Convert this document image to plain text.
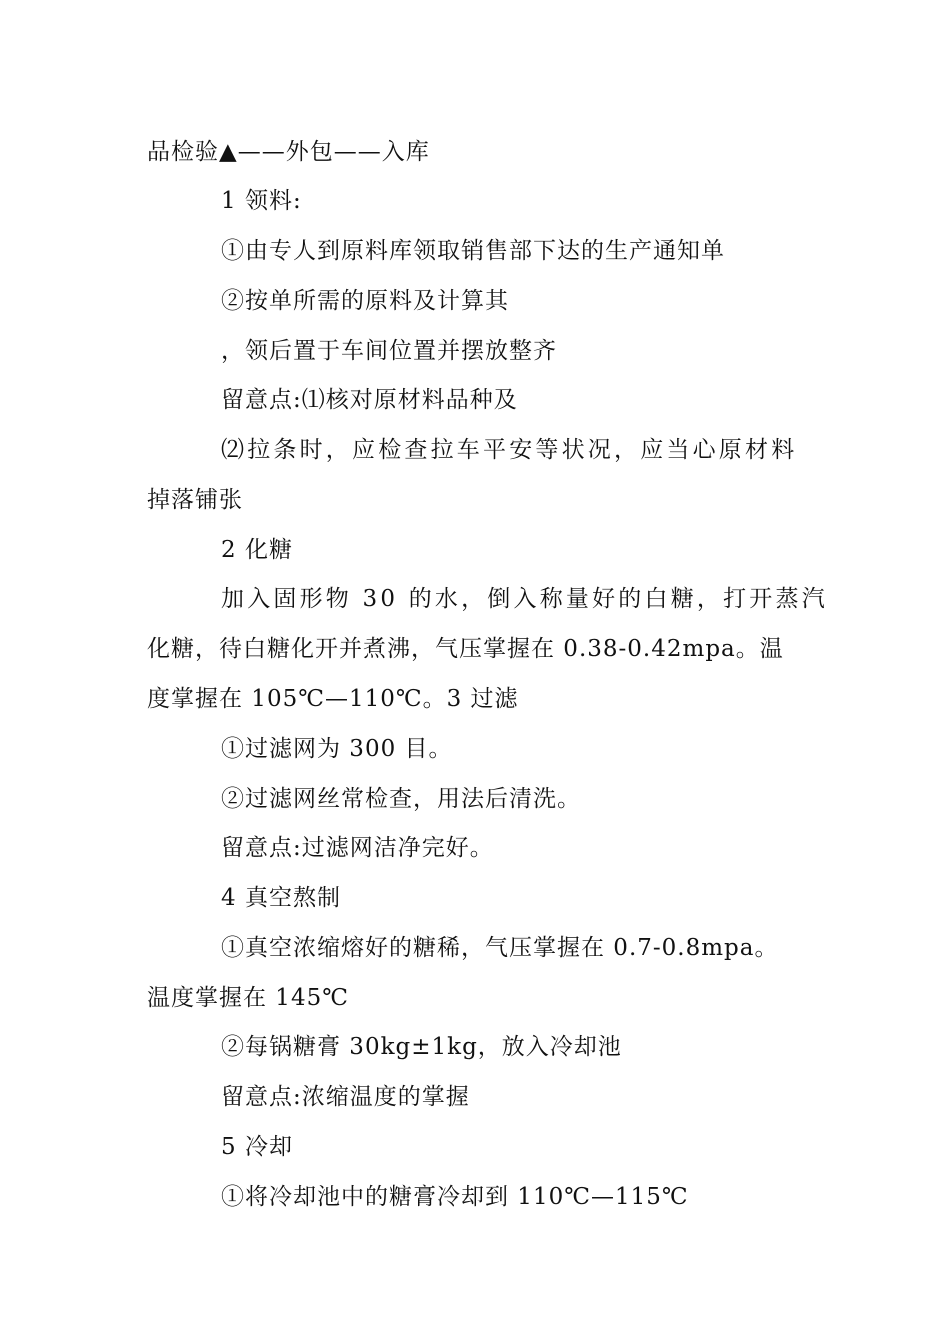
品检验▲——外包——入库
1 领料:
①由专人到原料库领取销售部下达的生产通知单
②按单所需的原料及计算其
，领后置于车间位置并摆放整齐
留意点:⑴核对原材料品种及
⑵拉条时，应检查拉车平安等状况，应当心原材料
掉落铺张
2 化糖
加入固形物 30 的水，倒入称量好的白糖，打开蒸汽
化糖，待白糖化开并煮沸，气压掌握在 0.38-0.42mpa。温
度掌握在 105℃—110℃。3 过滤
①过滤网为 300 目。
②过滤网丝常检查，用法后清洗。
留意点:过滤网洁净完好。
4 真空熬制
①真空浓缩熔好的糖稀，气压掌握在 0.7-0.8mpa。
温度掌握在 145℃
②每锅糖膏 30kg±1kg，放入冷却池
留意点:浓缩温度的掌握
5 冷却
①将冷却池中的糖膏冷却到 110℃—115℃
